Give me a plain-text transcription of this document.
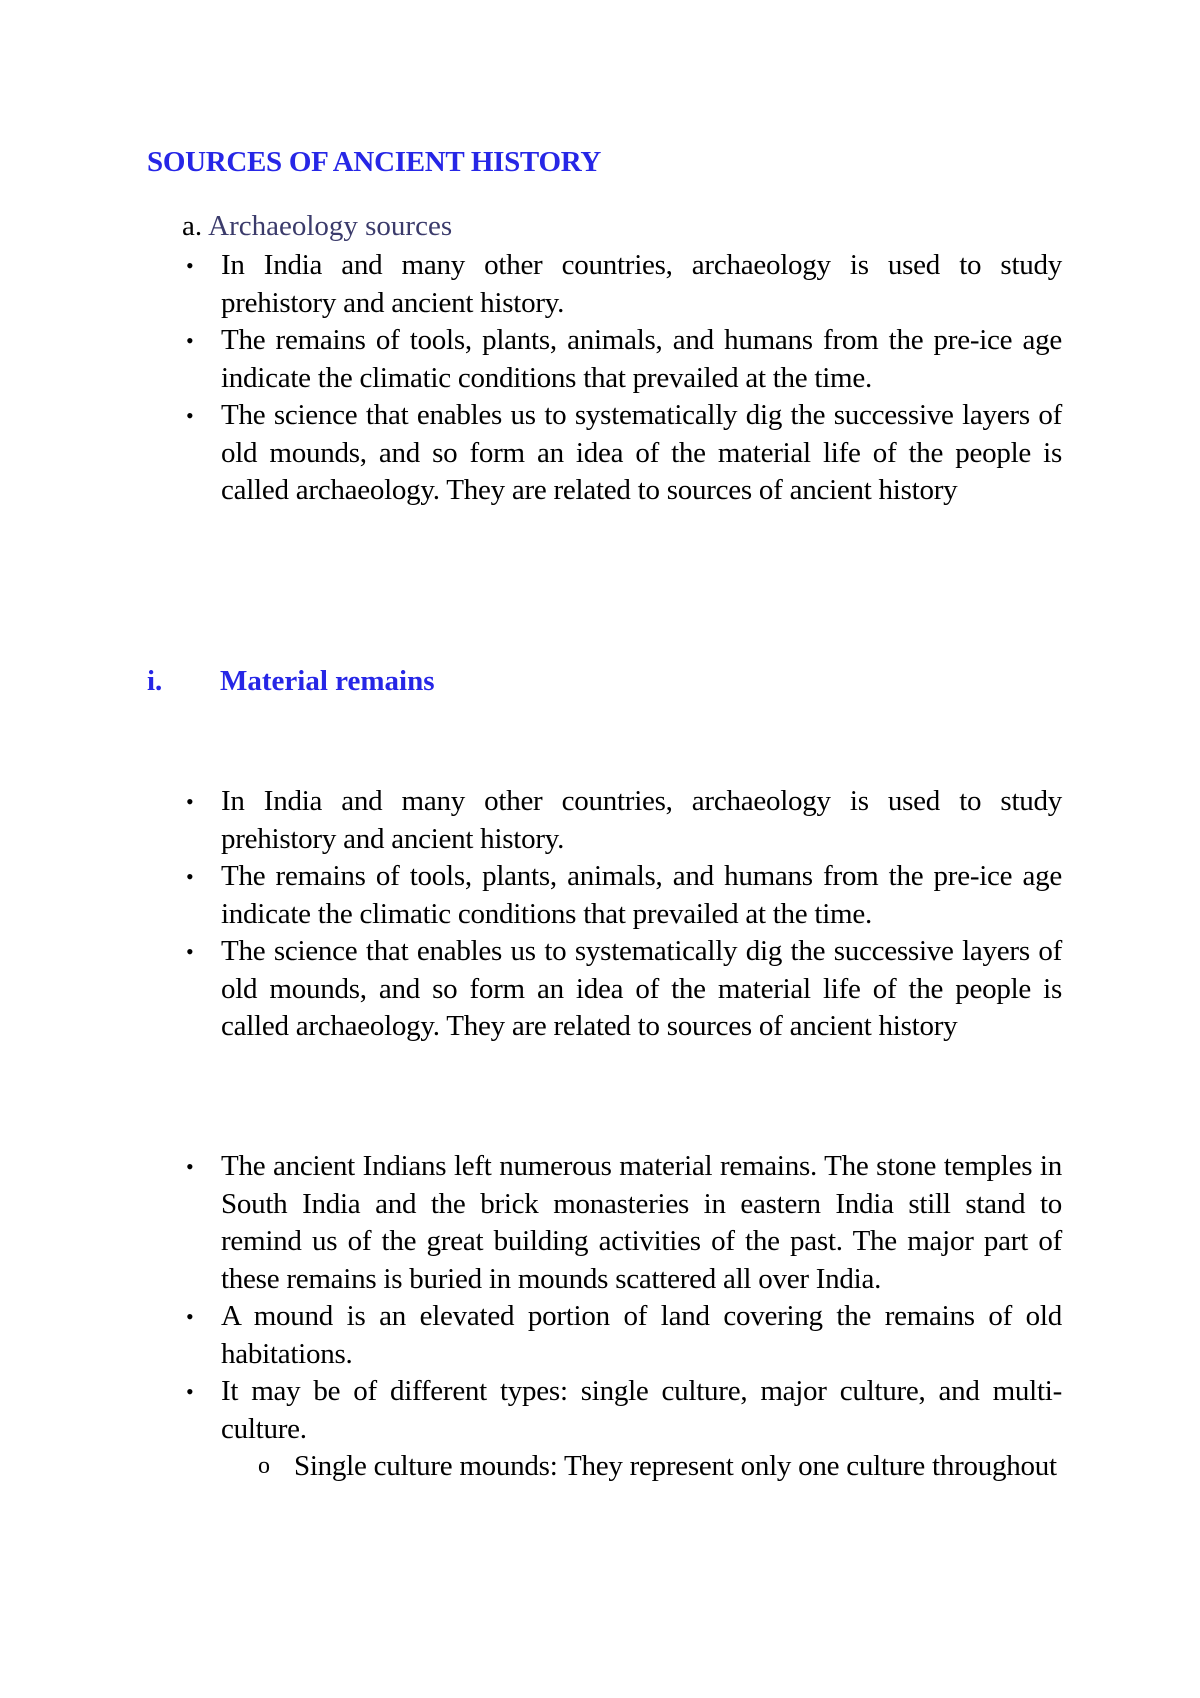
SOURCES OF ANCIENT HISTORY
a. Archaeology sources
• In India and many other countries, archaeology is used to study prehistory and ancient history.
• The remains of tools, plants, animals, and humans from the pre-ice age indicate the climatic conditions that prevailed at the time.
• The science that enables us to systematically dig the successive layers of old mounds, and so form an idea of the material life of the people is called archaeology. They are related to sources of ancient history
i. Material remains
• In India and many other countries, archaeology is used to study prehistory and ancient history.
• The remains of tools, plants, animals, and humans from the pre-ice age indicate the climatic conditions that prevailed at the time.
• The science that enables us to systematically dig the successive layers of old mounds, and so form an idea of the material life of the people is called archaeology. They are related to sources of ancient history
• The ancient Indians left numerous material remains. The stone temples in South India and the brick monasteries in eastern India still stand to remind us of the great building activities of the past. The major part of these remains is buried in mounds scattered all over India.
• A mound is an elevated portion of land covering the remains of old habitations.
• It may be of different types: single culture, major culture, and multi-culture.
o Single culture mounds: They represent only one culture throughout
